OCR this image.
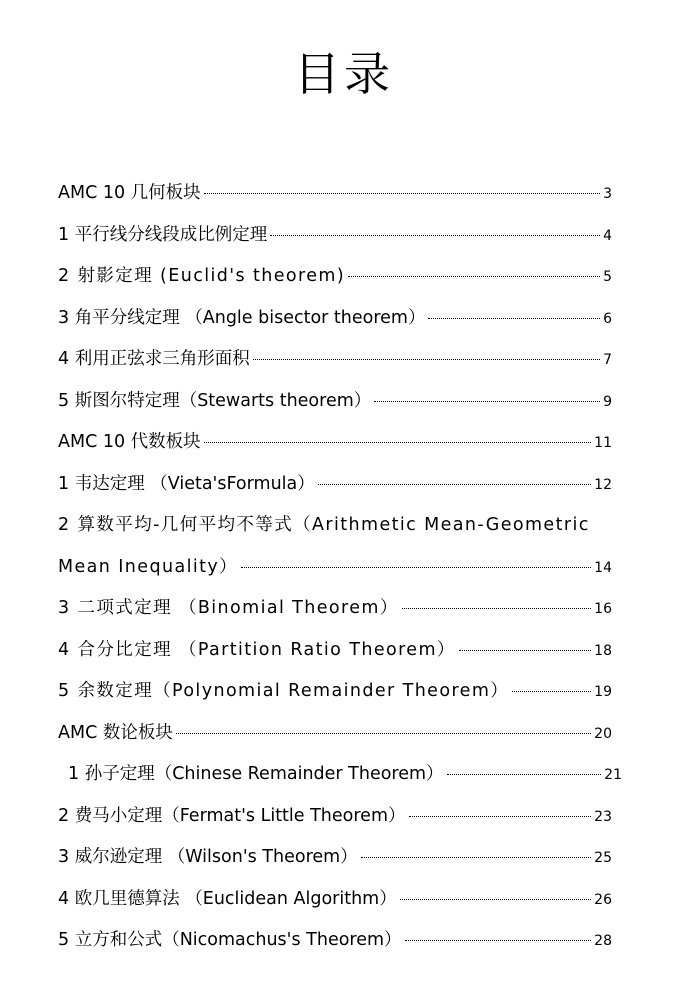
目录
AMC 10 几何板块	3
1 平行线分线段成比例定理	4
2 射影定理 (Euclid's theorem)	5
3 角平分线定理 （Angle bisector theorem）	6
4 利用正弦求三角形面积	7
5 斯图尔特定理（Stewarts theorem）	9
AMC 10 代数板块	11
1 韦达定理 （Vieta'sFormula）	12
2 算数平均-几何平均不等式（Arithmetic Mean-Geometric
Mean Inequality）	14
3 二项式定理 （Binomial Theorem）	16
4 合分比定理 （Partition Ratio Theorem）	18
5 余数定理（Polynomial Remainder Theorem）	19
AMC 数论板块	20
1 孙子定理（Chinese Remainder Theorem）	21
2 费马小定理（Fermat's Little Theorem）	23
3 威尔逊定理 （Wilson's Theorem）	25
4 欧几里德算法 （Euclidean Algorithm）	26
5 立方和公式（Nicomachus's Theorem）	28
